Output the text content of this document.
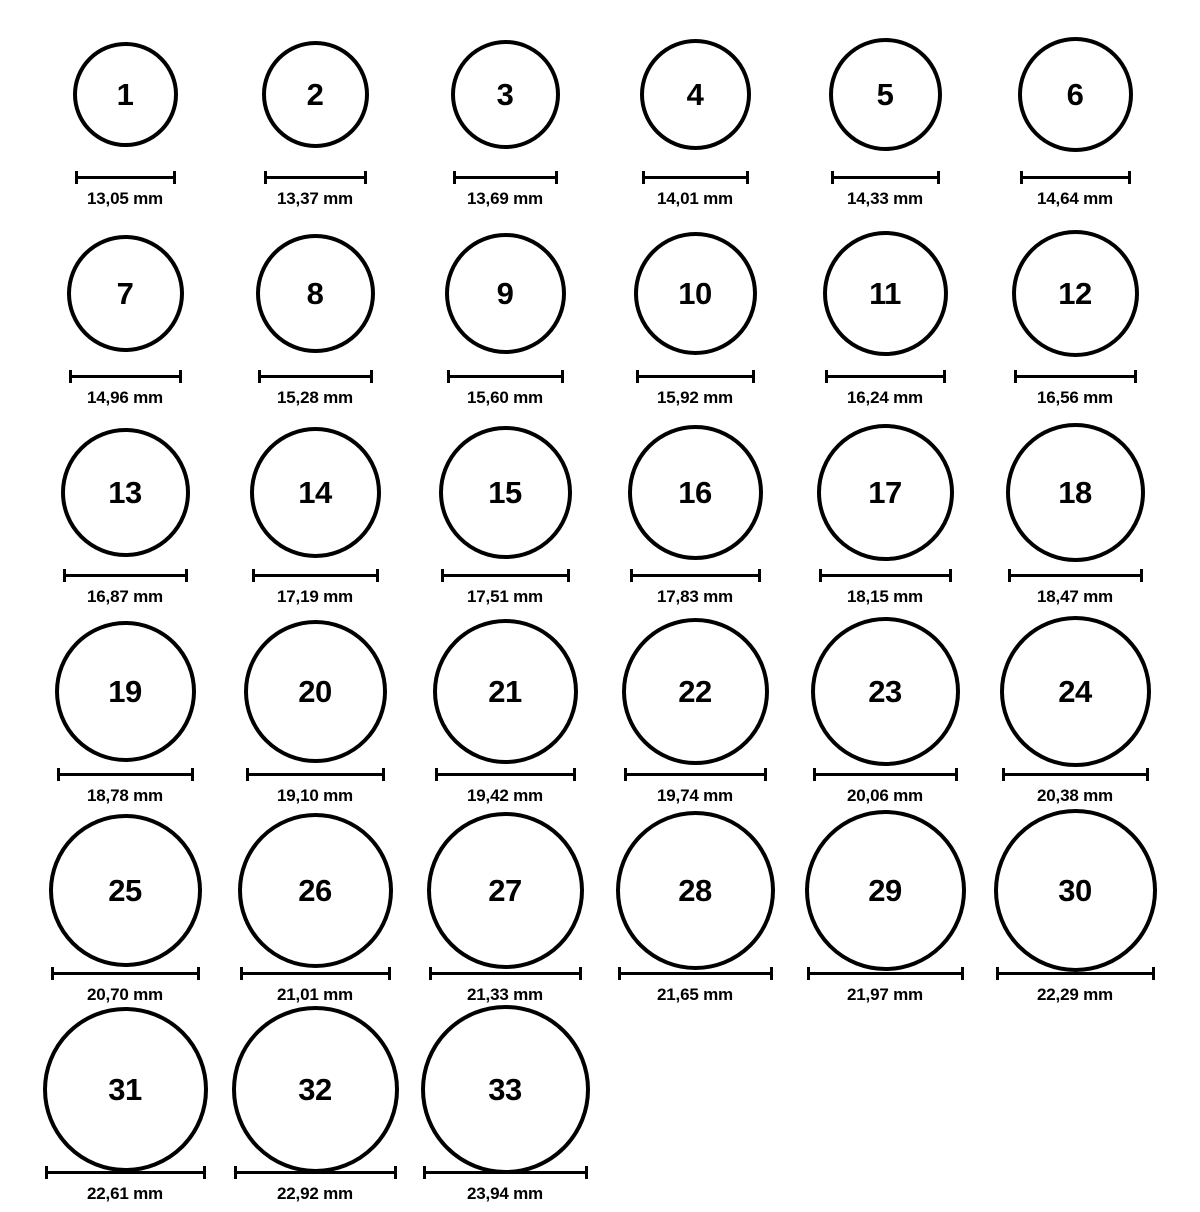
1
13,05 mm
2
13,37 mm
3
13,69 mm
4
14,01 mm
5
14,33 mm
6
14,64 mm
7
14,96 mm
8
15,28 mm
9
15,60 mm
10
15,92 mm
11
16,24 mm
12
16,56 mm
13
16,87 mm
14
17,19 mm
15
17,51 mm
16
17,83 mm
17
18,15 mm
18
18,47 mm
19
18,78 mm
20
19,10 mm
21
19,42 mm
22
19,74 mm
23
20,06 mm
24
20,38 mm
25
20,70 mm
26
21,01 mm
27
21,33 mm
28
21,65 mm
29
21,97 mm
30
22,29 mm
31
22,61 mm
32
22,92 mm
33
23,94 mm
